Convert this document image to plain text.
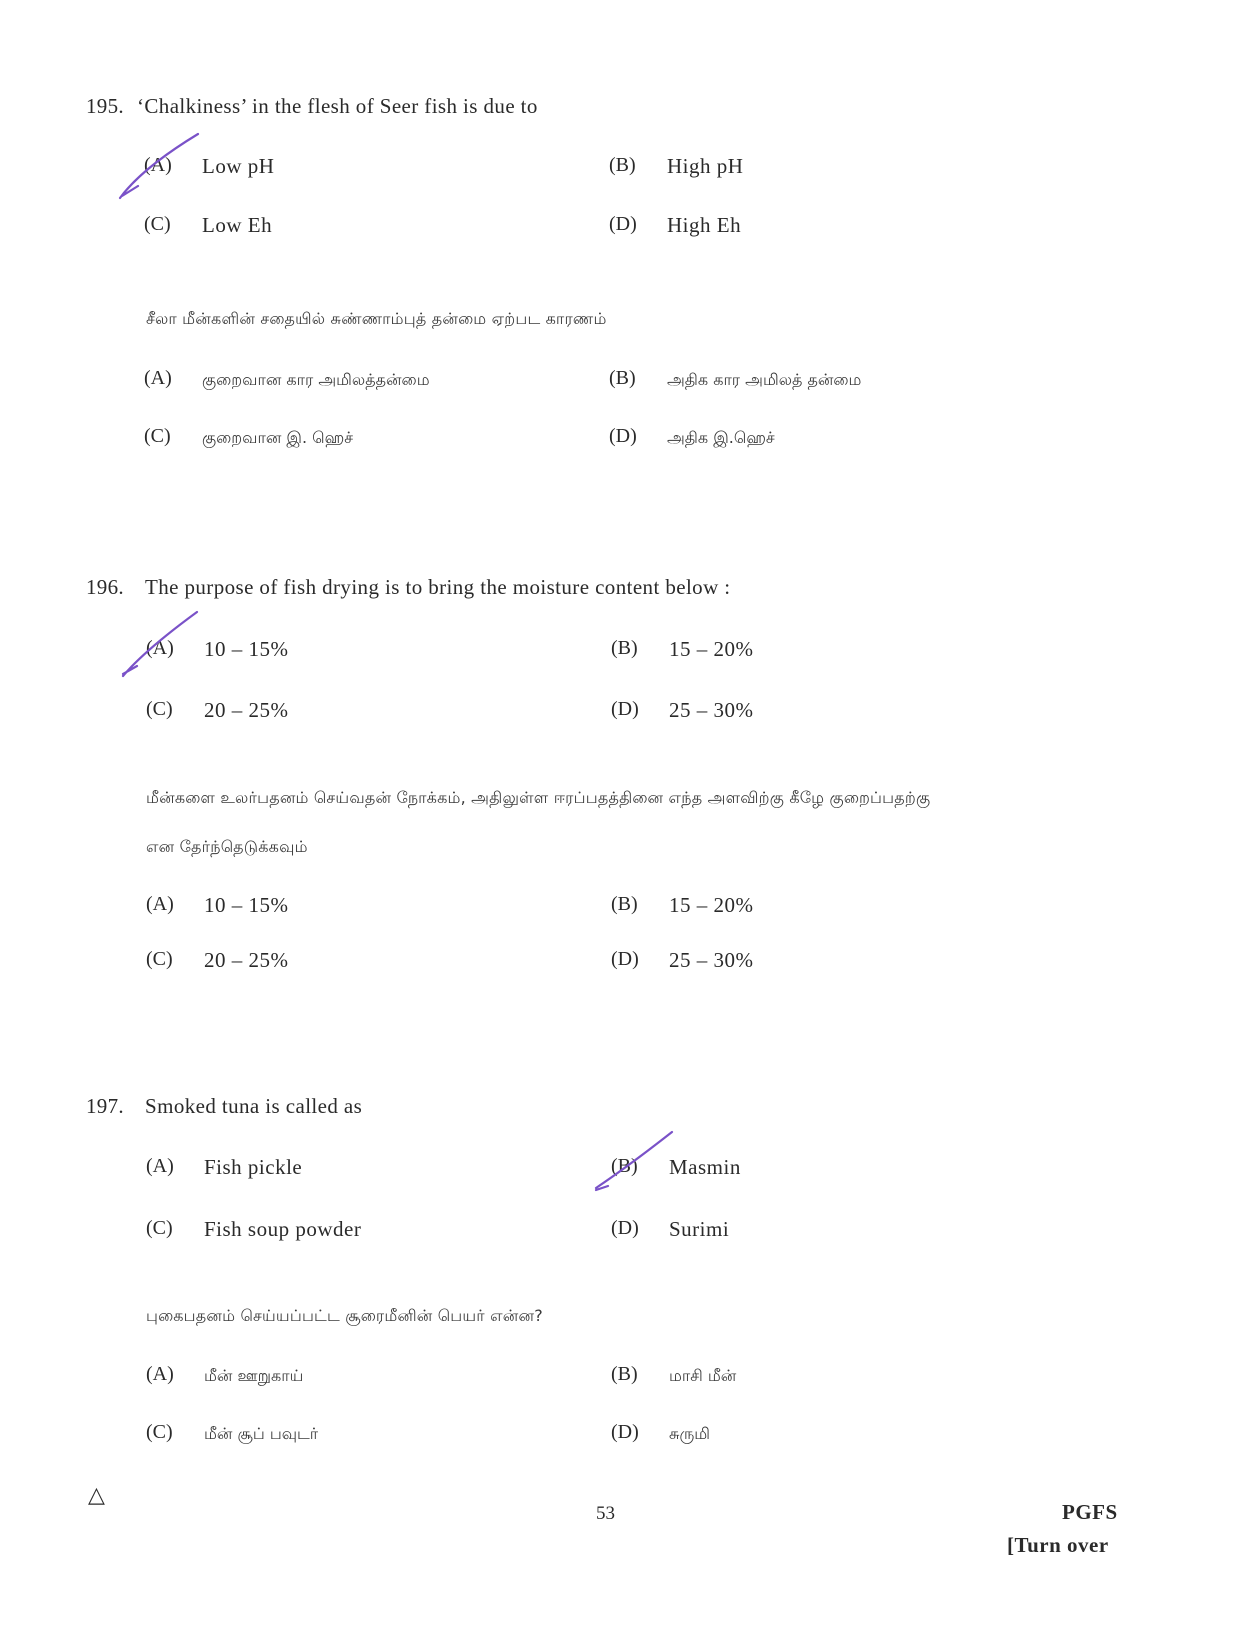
195. ‘Chalkiness’ in the flesh of Seer fish is due to
(A) Low pH	(B) High pH
(C) Low Eh	(D) High Eh
சீலா மீன்களின் சதையில் சுண்ணாம்புத் தன்மை ஏற்பட காரணம்
(A) குறைவான கார அமிலத்தன்மை	(B) அதிக கார அமிலத் தன்மை
(C) குறைவான இ. ஹெச்	(D) அதிக இ.ஹெச்
196. The purpose of fish drying is to bring the moisture content below :
(A) 10 – 15%	(B) 15 – 20%
(C) 20 – 25%	(D) 25 – 30%
மீன்களை உலர்பதனம் செய்வதன் நோக்கம், அதிலுள்ள ஈரப்பதத்தினை எந்த அளவிற்கு கீழே குறைப்பதற்கு
என தேர்ந்தெடுக்கவும்
(A) 10 – 15%	(B) 15 – 20%
(C) 20 – 25%	(D) 25 – 30%
197. Smoked tuna is called as
(A) Fish pickle	(B) Masmin
(C) Fish soup powder	(D) Surimi
புகைபதனம் செய்யப்பட்ட சூரைமீனின் பெயர் என்ன?
(A) மீன் ஊறுகாய்	(B) மாசி மீன்
(C) மீன் சூப் பவுடர்	(D) சுருமி
△
53	PGFS
[Turn over
